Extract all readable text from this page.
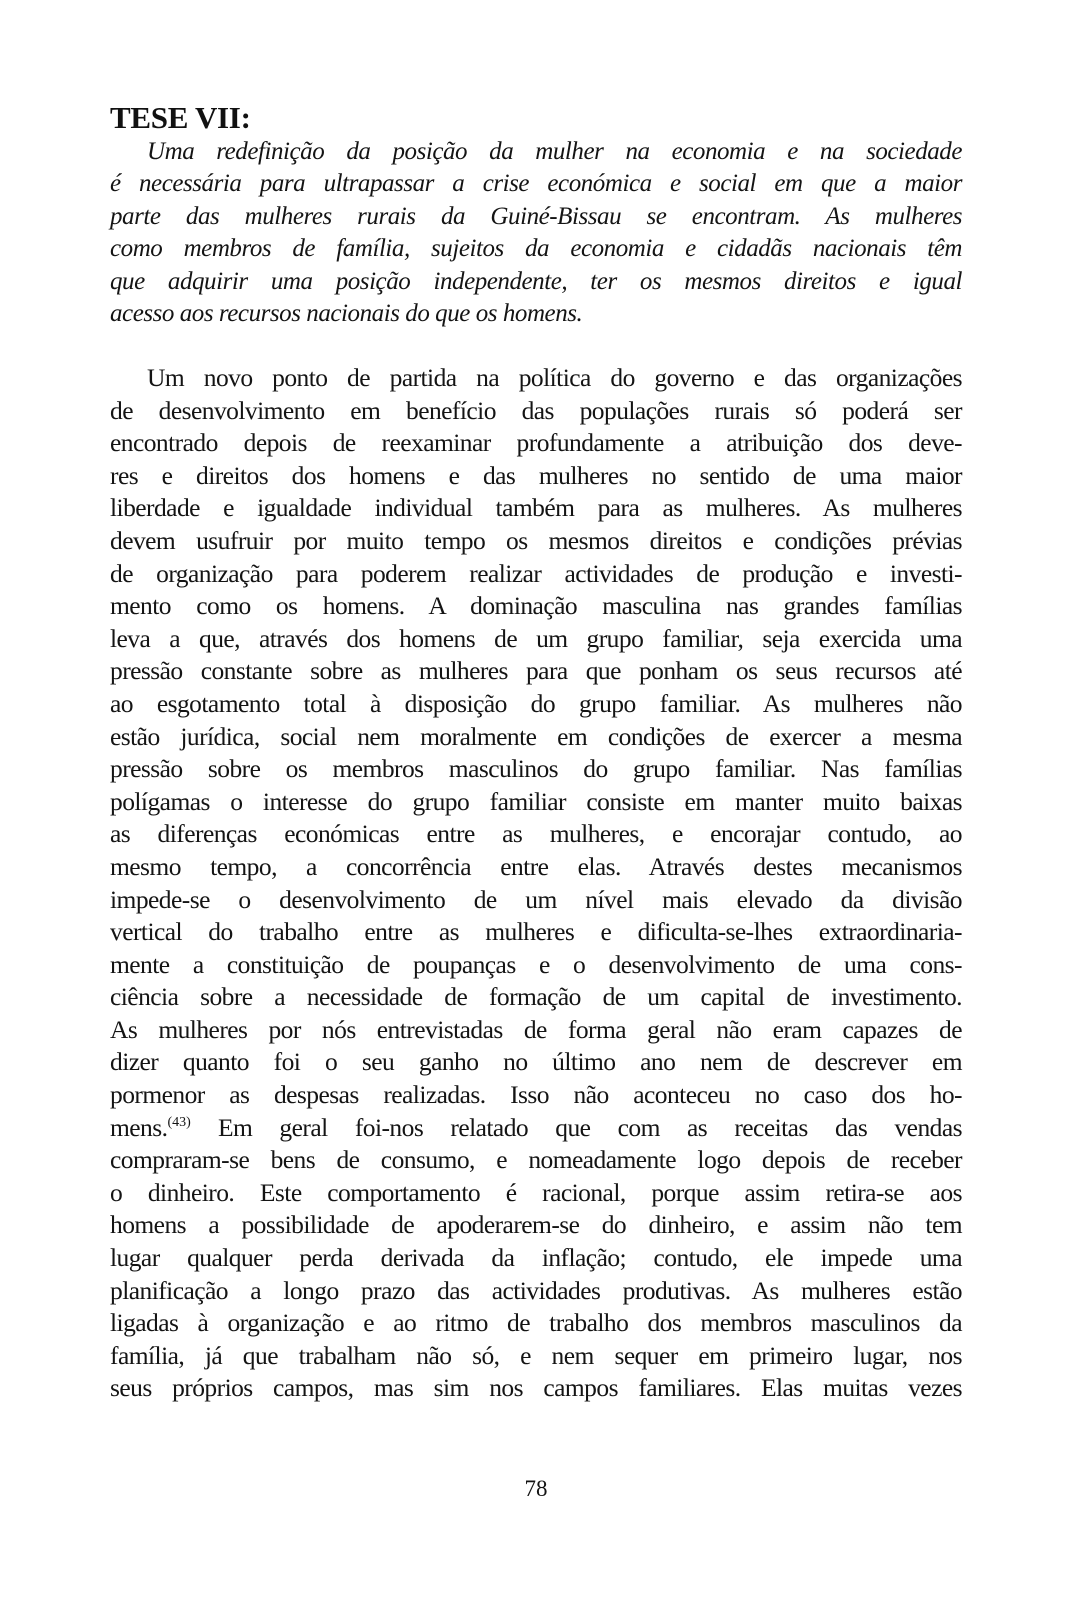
TESE VII:
Uma redefinição da posição da mulher na economia e na sociedade
é necessária para ultrapassar a crise económica e social em que a maior
parte das mulheres rurais da Guiné-Bissau se encontram. As mulheres
como membros de família, sujeitos da economia e cidadãs nacionais têm
que adquirir uma posição independente, ter os mesmos direitos e igual
acesso aos recursos nacionais do que os homens.
Um novo ponto de partida na política do governo e das organizações
de desenvolvimento em benefício das populações rurais só poderá ser
encontrado depois de reexaminar profundamente a atribuição dos deve-
res e direitos dos homens e das mulheres no sentido de uma maior
liberdade e igualdade individual também para as mulheres. As mulheres
devem usufruir por muito tempo os mesmos direitos e condições prévias
de organização para poderem realizar actividades de produção e investi-
mento como os homens. A dominação masculina nas grandes famílias
leva a que, através dos homens de um grupo familiar, seja exercida uma
pressão constante sobre as mulheres para que ponham os seus recursos até
ao esgotamento total à disposição do grupo familiar. As mulheres não
estão jurídica, social nem moralmente em condições de exercer a mesma
pressão sobre os membros masculinos do grupo familiar. Nas famílias
polígamas o interesse do grupo familiar consiste em manter muito baixas
as diferenças económicas entre as mulheres, e encorajar contudo, ao
mesmo tempo, a concorrência entre elas. Através destes mecanismos
impede-se o desenvolvimento de um nível mais elevado da divisão
vertical do trabalho entre as mulheres e dificulta-se-lhes extraordinaria-
mente a constituição de poupanças e o desenvolvimento de uma cons-
ciência sobre a necessidade de formação de um capital de investimento.
As mulheres por nós entrevistadas de forma geral não eram capazes de
dizer quanto foi o seu ganho no último ano nem de descrever em
pormenor as despesas realizadas. Isso não aconteceu no caso dos ho-
mens.$^{(43)}$ Em geral foi-nos relatado que com as receitas das vendas
compraram-se bens de consumo, e nomeadamente logo depois de receber
o dinheiro. Este comportamento é racional, porque assim retira-se aos
homens a possibilidade de apoderarem-se do dinheiro, e assim não tem
lugar qualquer perda derivada da inflação; contudo, ele impede uma
planificação a longo prazo das actividades produtivas. As mulheres estão
ligadas à organização e ao ritmo de trabalho dos membros masculinos da
família, já que trabalham não só, e nem sequer em primeiro lugar, nos
seus próprios campos, mas sim nos campos familiares. Elas muitas vezes
78
